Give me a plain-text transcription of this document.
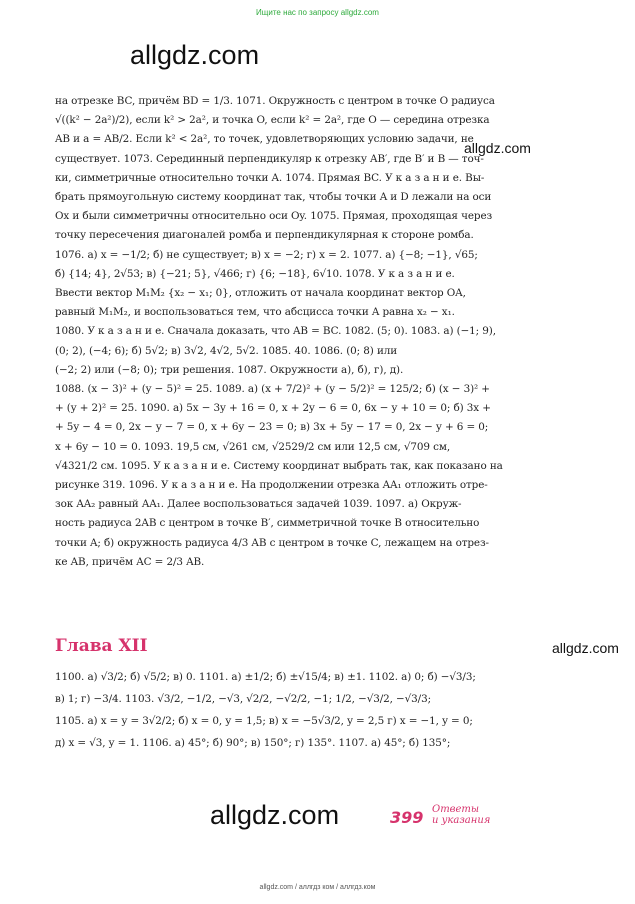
Ищите нас по запросу allgdz.com
allgdz.com
allgdz.com
allgdz.com
allgdz.com

на отрезке BC, причём BD = 1/3. 1071. Окружность с центром в точке O радиуса

√((k² − 2a²)/2), если k² > 2a², и точка O, если k² = 2a², где O — середина отрезка

AB и a = AB/2. Если k² < 2a², то точек, удовлетворяющих условию задачи, не

существует. 1073. Серединный перпендикуляр к отрезку AB′, где B′ и B — точ-

ки, симметричные относительно точки A. 1074. Прямая BC. У к а з а н и е. Вы-

брать прямоугольную систему координат так, чтобы точки A и D лежали на оси

Ox и были симметричны относительно оси Oy. 1075. Прямая, проходящая через

точку пересечения диагоналей ромба и перпендикулярная к стороне ромба.

1076. а) x = −1/2; б) не существует; в) x = −2; г) x = 2. 1077. а) {−8; −1}, √65;

б) {14; 4}, 2√53; в) {−21; 5}, √466; г) {6; −18}, 6√10. 1078. У к а з а н и е.

Ввести вектор M₁M₂ {x₂ − x₁; 0}, отложить от начала координат вектор OA,

равный M₁M₂, и воспользоваться тем, что абсцисса точки A равна x₂ − x₁.

1080. У к а з а н и е. Сначала доказать, что AB = BC. 1082. (5; 0). 1083. а) (−1; 9),

(0; 2), (−4; 6); б) 5√2; в) 3√2, 4√2, 5√2. 1085. 40. 1086. (0; 8) или

(−2; 2) или (−8; 0); три решения. 1087. Окружности а), б), г), д).

1088. (x − 3)² + (y − 5)² = 25. 1089. а) (x + 7/2)² + (y − 5/2)² = 125/2; б) (x − 3)² +

+ (y + 2)² = 25. 1090. а) 5x − 3y + 16 = 0, x + 2y − 6 = 0, 6x − y + 10 = 0; б) 3x +

+ 5y − 4 = 0, 2x − y − 7 = 0, x + 6y − 23 = 0; в) 3x + 5y − 17 = 0, 2x − y + 6 = 0;

x + 6y − 10 = 0. 1093. 19,5 см, √261 см, √2529/2 см или 12,5 см, √709 см,

√4321/2 см. 1095. У к а з а н и е. Систему координат выбрать так, как показано на

рисунке 319. 1096. У к а з а н и е. На продолжении отрезка AA₁ отложить отре-

зок AA₂ равный AA₁. Далее воспользоваться задачей 1039. 1097. а) Окруж-

ность радиуса 2AB с центром в точке B′, симметричной точке B относительно

точки A; б) окружность радиуса 4/3 AB с центром в точке C, лежащем на отрез-

ке AB, причём AC = 2/3 AB.

Глава XII

1100. а) √3/2; б) √5/2; в) 0. 1101. а) ±1/2; б) ±√15/4; в) ±1. 1102. а) 0; б) −√3/3;

в) 1; г) −3/4. 1103. √3/2, −1/2, −√3, √2/2, −√2/2, −1; 1/2, −√3/2, −√3/3;

1105. а) x = y = 3√2/2; б) x = 0, y = 1,5; в) x = −5√3/2, y = 2,5 г) x = −1, y = 0;

д) x = √3, y = 1. 1106. а) 45°; б) 90°; в) 150°; г) 135°. 1107. а) 45°; б) 135°;

399 Ответы
и указания
allgdz.com / аллгдз ком / аллгдз.ком
